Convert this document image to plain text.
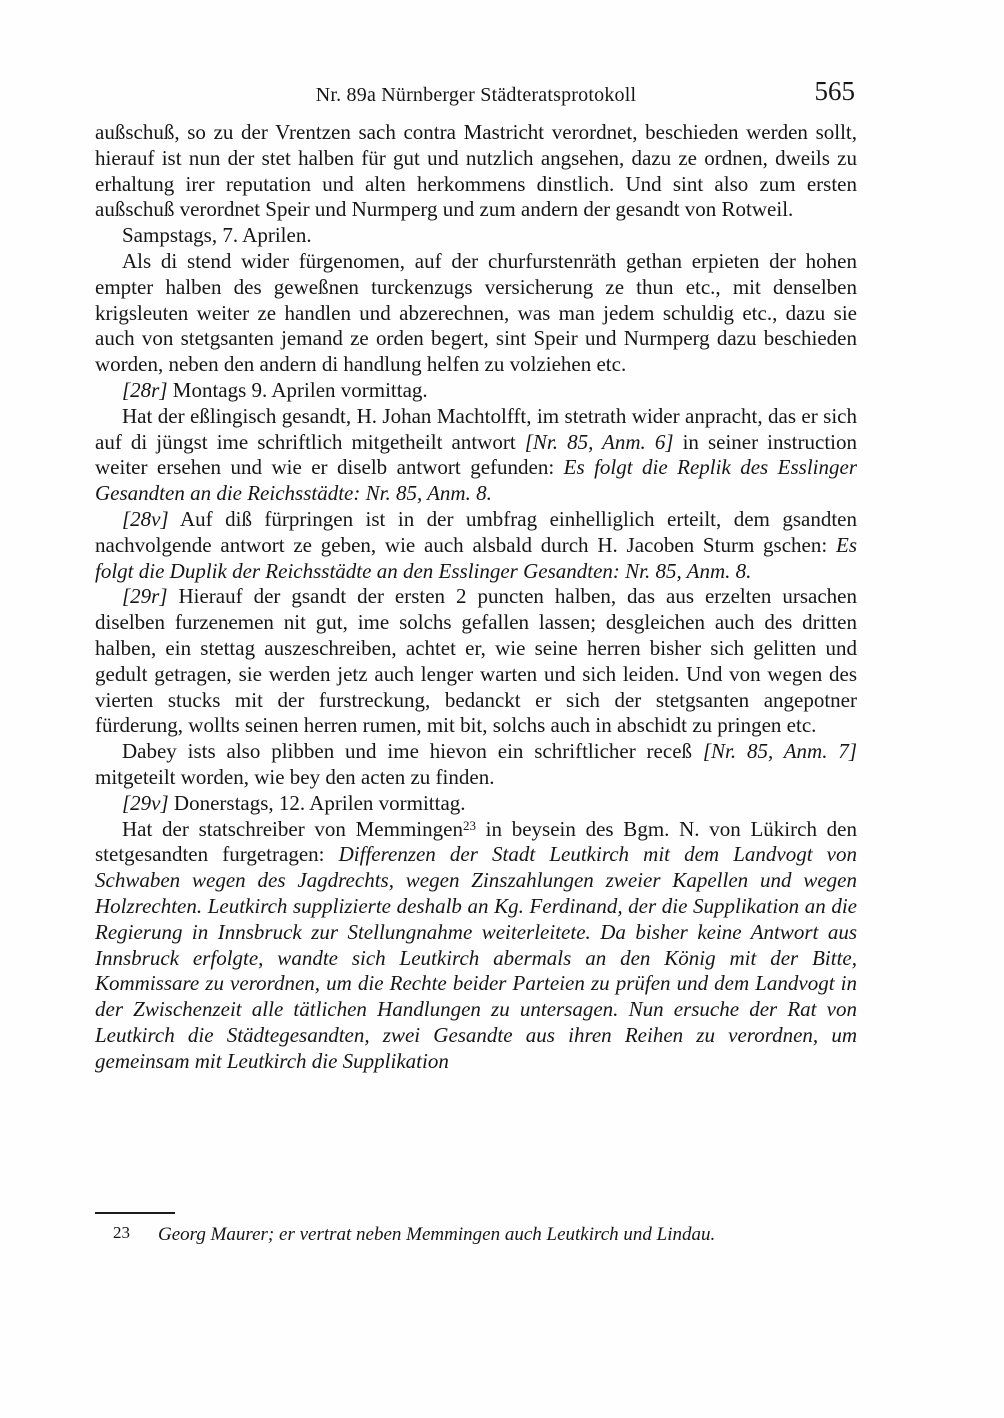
Nr. 89a Nürnberger Städteratsprotokoll	565

außschuß, so zu der Vrentzen sach contra Mastricht verordnet, beschieden werden sollt, hierauf ist nun der stet halben für gut und nutzlich angsehen, dazu ze ordnen, dweils zu erhaltung irer reputation und alten herkommens dinstlich. Und sint also zum ersten außschuß verordnet Speir und Nurmperg und zum andern der gesandt von Rotweil.

Sampstags, 7. Aprilen.

Als di stend wider fürgenomen, auf der churfurstenräth gethan erpieten der hohen empter halben des geweßnen turckenzugs versicherung ze thun etc., mit denselben krigsleuten weiter ze handlen und abzerechnen, was man jedem schuldig etc., dazu sie auch von stetgsanten jemand ze orden begert, sint Speir und Nurmperg dazu beschieden worden, neben den andern di handlung helfen zu volziehen etc.

[28r] Montags 9. Aprilen vormittag.

Hat der eßlingisch gesandt, H. Johan Machtolfft, im stetrath wider anpracht, das er sich auf di jüngst ime schriftlich mitgetheilt antwort [Nr. 85, Anm. 6] in seiner instruction weiter ersehen und wie er diselb antwort gefunden: Es folgt die Replik des Esslinger Gesandten an die Reichsstädte: Nr. 85, Anm. 8.

[28v] Auf diß fürpringen ist in der umbfrag einhelliglich erteilt, dem gsandten nachvolgende antwort ze geben, wie auch alsbald durch H. Jacoben Sturm gschen: Es folgt die Duplik der Reichsstädte an den Esslinger Gesandten: Nr. 85, Anm. 8.

[29r] Hierauf der gsandt der ersten 2 puncten halben, das aus erzelten ursachen diselben furzenemen nit gut, ime solchs gefallen lassen; desgleichen auch des dritten halben, ein stettag auszeschreiben, achtet er, wie seine herren bisher sich gelitten und gedult getragen, sie werden jetz auch lenger warten und sich leiden. Und von wegen des vierten stucks mit der furstreckung, bedanckt er sich der stetgsanten angepotner fürderung, wollts seinen herren rumen, mit bit, solchs auch in abschidt zu pringen etc.

Dabey ists also plibben und ime hievon ein schriftlicher receß [Nr. 85, Anm. 7] mitgeteilt worden, wie bey den acten zu finden.

[29v] Donerstags, 12. Aprilen vormittag.

Hat der statschreiber von Memmingen$^{23}$ in beysein des Bgm. N. von Lükirch den stetgesandten furgetragen: Differenzen der Stadt Leutkirch mit dem Landvogt von Schwaben wegen des Jagdrechts, wegen Zinszahlungen zweier Kapellen und wegen Holzrechten. Leutkirch supplizierte deshalb an Kg. Ferdinand, der die Supplikation an die Regierung in Innsbruck zur Stellungnahme weiterleitete. Da bisher keine Antwort aus Innsbruck erfolgte, wandte sich Leutkirch abermals an den König mit der Bitte, Kommissare zu verordnen, um die Rechte beider Parteien zu prüfen und dem Landvogt in der Zwischenzeit alle tätlichen Handlungen zu untersagen. Nun ersuche der Rat von Leutkirch die Städtegesandten, zwei Gesandte aus ihren Reihen zu verordnen, um gemeinsam mit Leutkirch die Supplikation

23 Georg Maurer; er vertrat neben Memmingen auch Leutkirch und Lindau.
